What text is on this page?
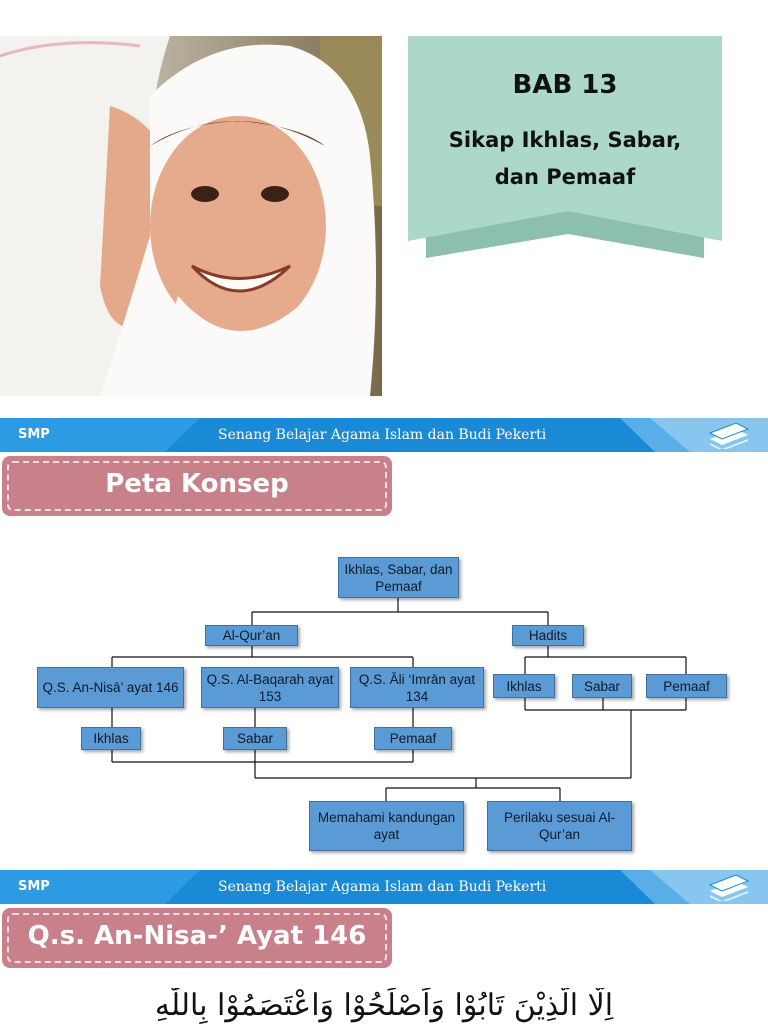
BAB 13
Sikap Ikhlas, Sabar,
dan Pemaaf
SMP	Senang Belajar Agama Islam dan Budi Pekerti
Peta Konsep
Ikhlas, Sabar, dan Pemaaf
Al-Qur’an	Hadits
Q.S. An-Nisā’ ayat 146
Q.S. Al-Baqarah ayat 153
Q.S. Āli ‘Imrān ayat 134
Ikhlas	Sabar	Pemaaf
Ikhlas	Sabar	Pemaaf
Memahami kandungan ayat
Perilaku sesuai Al-Qur’an
SMP	Senang Belajar Agama Islam dan Budi Pekerti
Q.s. An-Nisa-’ Ayat 146
اِلَّا الَّذِيْنَ تَابُوْا وَاَصْلَحُوْا وَاعْتَصَمُوْا بِاللّٰهِ
